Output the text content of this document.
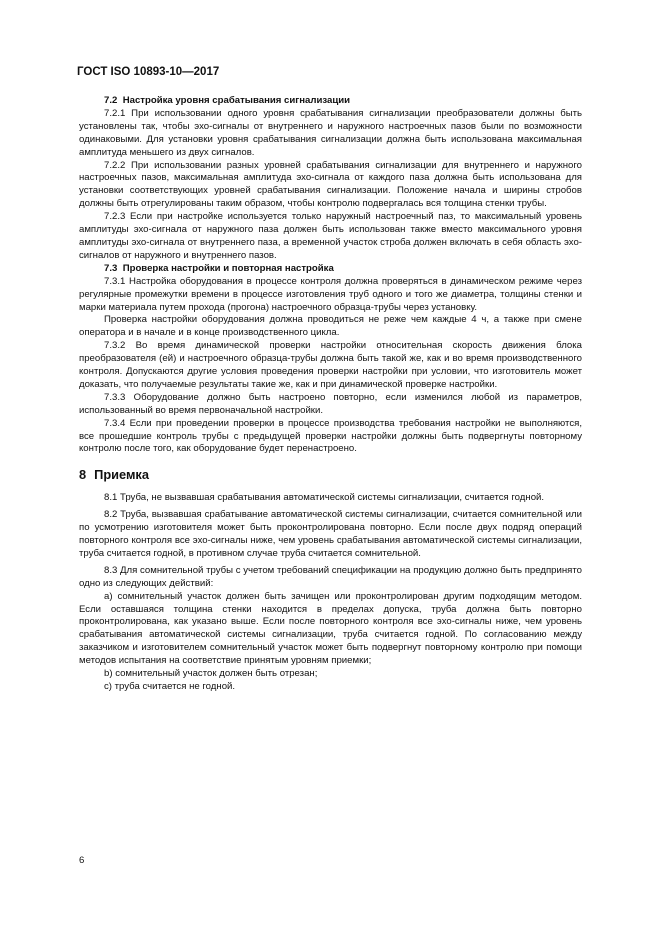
ГОСТ ISO 10893-10—2017

7.2 Настройка уровня срабатывания сигнализации

7.2.1 При использовании одного уровня срабатывания сигнализации преобразователи должны быть установлены так, чтобы эхо-сигналы от внутреннего и наружного настроечных пазов были по возможности одинаковыми. Для установки уровня срабатывания сигнализации должна быть использована максимальная амплитуда меньшего из двух сигналов.

7.2.2 При использовании разных уровней срабатывания сигнализации для внутреннего и наружного настроечных пазов, максимальная амплитуда эхо-сигнала от каждого паза должна быть использована для установки соответствующих уровней срабатывания сигнализации. Положение начала и ширины стробов должны быть отрегулированы таким образом, чтобы контролю подвергалась вся толщина стенки трубы.

7.2.3 Если при настройке используется только наружный настроечный паз, то максимальный уровень амплитуды эхо-сигнала от наружного паза должен быть использован также вместо максимального уровня амплитуды эхо-сигнала от внутреннего паза, а временной участок строба должен включать в себя область эхо-сигналов от наружного и внутреннего пазов.

7.3 Проверка настройки и повторная настройка

7.3.1 Настройка оборудования в процессе контроля должна проверяться в динамическом режиме через регулярные промежутки времени в процессе изготовления труб одного и того же диаметра, толщины стенки и марки материала путем прохода (прогона) настроечного образца-трубы через установку.

Проверка настройки оборудования должна проводиться не реже чем каждые 4 ч, а также при смене оператора и в начале и в конце производственного цикла.

7.3.2 Во время динамической проверки настройки относительная скорость движения блока преобразователя (ей) и настроечного образца-трубы должна быть такой же, как и во время производственного контроля. Допускаются другие условия проведения проверки настройки при условии, что изготовитель может доказать, что получаемые результаты такие же, как и при динамической проверке настройки.

7.3.3 Оборудование должно быть настроено повторно, если изменился любой из параметров, использованный во время первоначальной настройки.

7.3.4 Если при проведении проверки в процессе производства требования настройки не выполняются, все прошедшие контроль трубы с предыдущей проверки настройки должны быть подвергнуты повторному контролю после того, как оборудование будет перенастроено.

8 Приемка

8.1 Труба, не вызвавшая срабатывания автоматической системы сигнализации, считается годной.

8.2 Труба, вызвавшая срабатывание автоматической системы сигнализации, считается сомнительной или по усмотрению изготовителя может быть проконтролирована повторно. Если после двух подряд операций повторного контроля все эхо-сигналы ниже, чем уровень срабатывания автоматической системы сигнализации, труба считается годной, в противном случае труба считается сомнительной.

8.3 Для сомнительной трубы с учетом требований спецификации на продукцию должно быть предпринято одно из следующих действий:

а) сомнительный участок должен быть зачищен или проконтролирован другим подходящим методом. Если оставшаяся толщина стенки находится в пределах допуска, труба должна быть повторно проконтролирована, как указано выше. Если после повторного контроля все эхо-сигналы ниже, чем уровень срабатывания автоматической системы сигнализации, труба считается годной. По согласованию между заказчиком и изготовителем сомнительный участок может быть подвергнут повторному контролю при помощи методов испытания на соответствие принятым уровням приемки;

b) сомнительный участок должен быть отрезан;

с) труба считается не годной.

6
